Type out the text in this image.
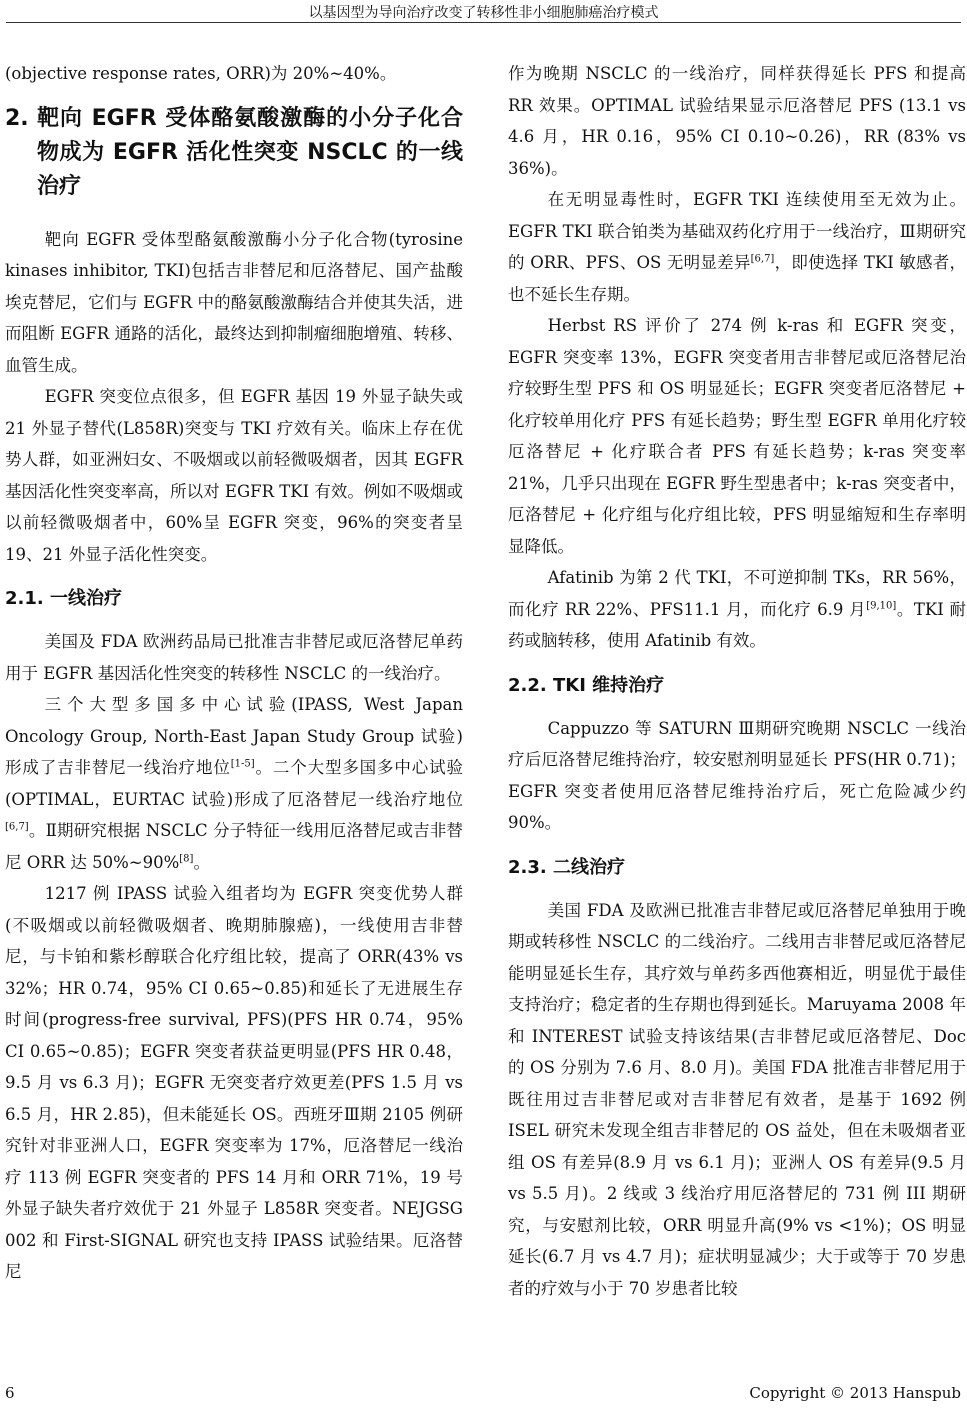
以基因型为导向治疗改变了转移性非小细胞肺癌治疗模式

(objective response rates, ORR)为 20%~40%。

2. 靶向 EGFR 受体酪氨酸激酶的小分子化合物成为 EGFR 活化性突变 NSCLC 的一线治疗

靶向 EGFR 受体型酪氨酸激酶小分子化合物(tyrosine kinases inhibitor, TKI)包括吉非替尼和厄洛替尼、国产盐酸埃克替尼，它们与 EGFR 中的酪氨酸激酶结合并使其失活，进而阻断 EGFR 通路的活化，最终达到抑制瘤细胞增殖、转移、血管生成。

EGFR 突变位点很多，但 EGFR 基因 19 外显子缺失或 21 外显子替代(L858R)突变与 TKI 疗效有关。临床上存在优势人群，如亚洲妇女、不吸烟或以前轻微吸烟者，因其 EGFR 基因活化性突变率高，所以对 EGFR TKI 有效。例如不吸烟或以前轻微吸烟者中，60%呈 EGFR 突变，96%的突变者呈 19、21 外显子活化性突变。

2.1. 一线治疗

美国及 FDA 欧洲药品局已批准吉非替尼或厄洛替尼单药用于 EGFR 基因活化性突变的转移性 NSCLC 的一线治疗。

三个大型多国多中心试验(IPASS, West Japan Oncology Group, North-East Japan Study Group 试验)形成了吉非替尼一线治疗地位[1-5]。二个大型多国多中心试验(OPTIMAL，EURTAC 试验)形成了厄洛替尼一线治疗地位[6,7]。Ⅱ期研究根据 NSCLC 分子特征一线用厄洛替尼或吉非替尼 ORR 达 50%~90%[8]。

1217 例 IPASS 试验入组者均为 EGFR 突变优势人群(不吸烟或以前轻微吸烟者、晚期肺腺癌)，一线使用吉非替尼，与卡铂和紫杉醇联合化疗组比较，提高了 ORR(43% vs 32%；HR 0.74，95% CI 0.65~0.85)和延长了无进展生存时间(progress-free survival, PFS)(PFS HR 0.74，95% CI 0.65~0.85)；EGFR 突变者获益更明显(PFS HR 0.48，9.5 月 vs 6.3 月)；EGFR 无突变者疗效更差(PFS 1.5 月 vs 6.5 月，HR 2.85)，但未能延长 OS。西班牙Ⅲ期 2105 例研究针对非亚洲人口，EGFR 突变率为 17%，厄洛替尼一线治疗 113 例 EGFR 突变者的 PFS 14 月和 ORR 71%，19 号外显子缺失者疗效优于 21 外显子 L858R 突变者。NEJGSG 002 和 First-SIGNAL 研究也支持 IPASS 试验结果。厄洛替尼

作为晚期 NSCLC 的一线治疗，同样获得延长 PFS 和提高 RR 效果。OPTIMAL 试验结果显示厄洛替尼 PFS (13.1 vs 4.6 月，HR 0.16，95% CI 0.10~0.26)，RR (83% vs 36%)。

在无明显毒性时，EGFR TKI 连续使用至无效为止。EGFR TKI 联合铂类为基础双药化疗用于一线治疗，Ⅲ期研究的 ORR、PFS、OS 无明显差异[6,7]，即使选择 TKI 敏感者，也不延长生存期。

Herbst RS 评价了 274 例 k-ras 和 EGFR 突变，EGFR 突变率 13%，EGFR 突变者用吉非替尼或厄洛替尼治疗较野生型 PFS 和 OS 明显延长；EGFR 突变者厄洛替尼 + 化疗较单用化疗 PFS 有延长趋势；野生型 EGFR 单用化疗较厄洛替尼 + 化疗联合者 PFS 有延长趋势；k-ras 突变率 21%，几乎只出现在 EGFR 野生型患者中；k-ras 突变者中，厄洛替尼 + 化疗组与化疗组比较，PFS 明显缩短和生存率明显降低。

Afatinib 为第 2 代 TKI，不可逆抑制 TKs，RR 56%，而化疗 RR 22%、PFS11.1 月，而化疗 6.9 月[9,10]。TKI 耐药或脑转移，使用 Afatinib 有效。

2.2. TKI 维持治疗

Cappuzzo 等 SATURN Ⅲ期研究晚期 NSCLC 一线治疗后厄洛替尼维持治疗，较安慰剂明显延长 PFS(HR 0.71)；EGFR 突变者使用厄洛替尼维持治疗后，死亡危险减少约 90%。

2.3. 二线治疗

美国 FDA 及欧洲已批准吉非替尼或厄洛替尼单独用于晚期或转移性 NSCLC 的二线治疗。二线用吉非替尼或厄洛替尼能明显延长生存，其疗效与单药多西他赛相近，明显优于最佳支持治疗；稳定者的生存期也得到延长。Maruyama 2008 年和 INTEREST 试验支持该结果(吉非替尼或厄洛替尼、Doc 的 OS 分别为 7.6 月、8.0 月)。美国 FDA 批准吉非替尼用于既往用过吉非替尼或对吉非替尼有效者，是基于 1692 例 ISEL 研究未发现全组吉非替尼的 OS 益处，但在未吸烟者亚组 OS 有差异(8.9 月 vs 6.1 月)；亚洲人 OS 有差异(9.5 月 vs 5.5 月)。2 线或 3 线治疗用厄洛替尼的 731 例 III 期研究，与安慰剂比较，ORR 明显升高(9% vs <1%)；OS 明显延长(6.7 月 vs 4.7 月)；症状明显减少；大于或等于 70 岁患者的疗效与小于 70 岁患者比较

6	Copyright © 2013 Hanspub
